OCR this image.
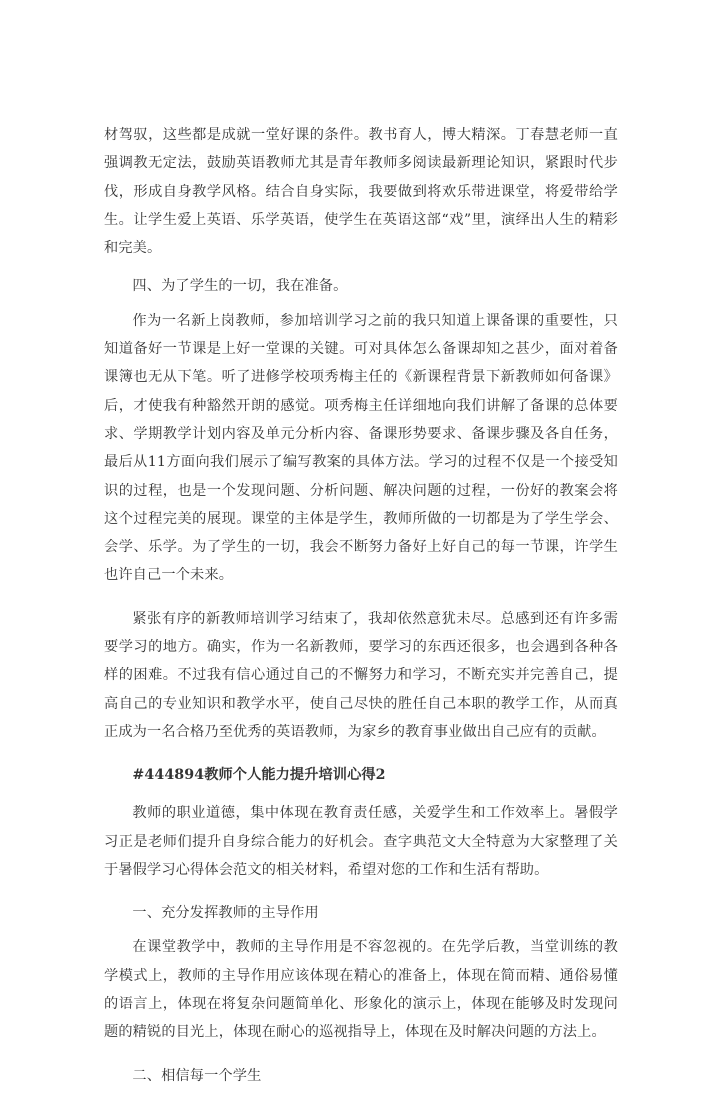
材驾驭，这些都是成就一堂好课的条件。教书育人，博大精深。丁春慧老师一直强调教无定法，鼓励英语教师尤其是青年教师多阅读最新理论知识，紧跟时代步伐，形成自身教学风格。结合自身实际，我要做到将欢乐带进课堂，将爱带给学生。让学生爱上英语、乐学英语，使学生在英语这部“戏”里，演绎出人生的精彩和完美。

四、为了学生的一切，我在准备。

作为一名新上岗教师，参加培训学习之前的我只知道上课备课的重要性，只知道备好一节课是上好一堂课的关键。可对具体怎么备课却知之甚少，面对着备课簿也无从下笔。听了进修学校项秀梅主任的《新课程背景下新教师如何备课》后，才使我有种豁然开朗的感觉。项秀梅主任详细地向我们讲解了备课的总体要求、学期教学计划内容及单元分析内容、备课形势要求、备课步骤及各自任务，最后从11方面向我们展示了编写教案的具体方法。学习的过程不仅是一个接受知识的过程，也是一个发现问题、分析问题、解决问题的过程，一份好的教案会将这个过程完美的展现。课堂的主体是学生，教师所做的一切都是为了学生学会、会学、乐学。为了学生的一切，我会不断努力备好上好自己的每一节课，许学生也许自己一个未来。

紧张有序的新教师培训学习结束了，我却依然意犹未尽。总感到还有许多需要学习的地方。确实，作为一名新教师，要学习的东西还很多，也会遇到各种各样的困难。不过我有信心通过自己的不懈努力和学习，不断充实并完善自己，提高自己的专业知识和教学水平，使自己尽快的胜任自己本职的教学工作，从而真正成为一名合格乃至优秀的英语教师，为家乡的教育事业做出自己应有的贡献。

#444894教师个人能力提升培训心得2

教师的职业道德，集中体现在教育责任感，关爱学生和工作效率上。暑假学习正是老师们提升自身综合能力的好机会。查字典范文大全特意为大家整理了关于暑假学习心得体会范文的相关材料，希望对您的工作和生活有帮助。

一、充分发挥教师的主导作用

在课堂教学中，教师的主导作用是不容忽视的。在先学后教，当堂训练的教学模式上，教师的主导作用应该体现在精心的准备上，体现在简而精、通俗易懂的语言上，体现在将复杂问题简单化、形象化的演示上，体现在能够及时发现问题的精锐的目光上，体现在耐心的巡视指导上，体现在及时解决问题的方法上。

二、相信每一个学生
